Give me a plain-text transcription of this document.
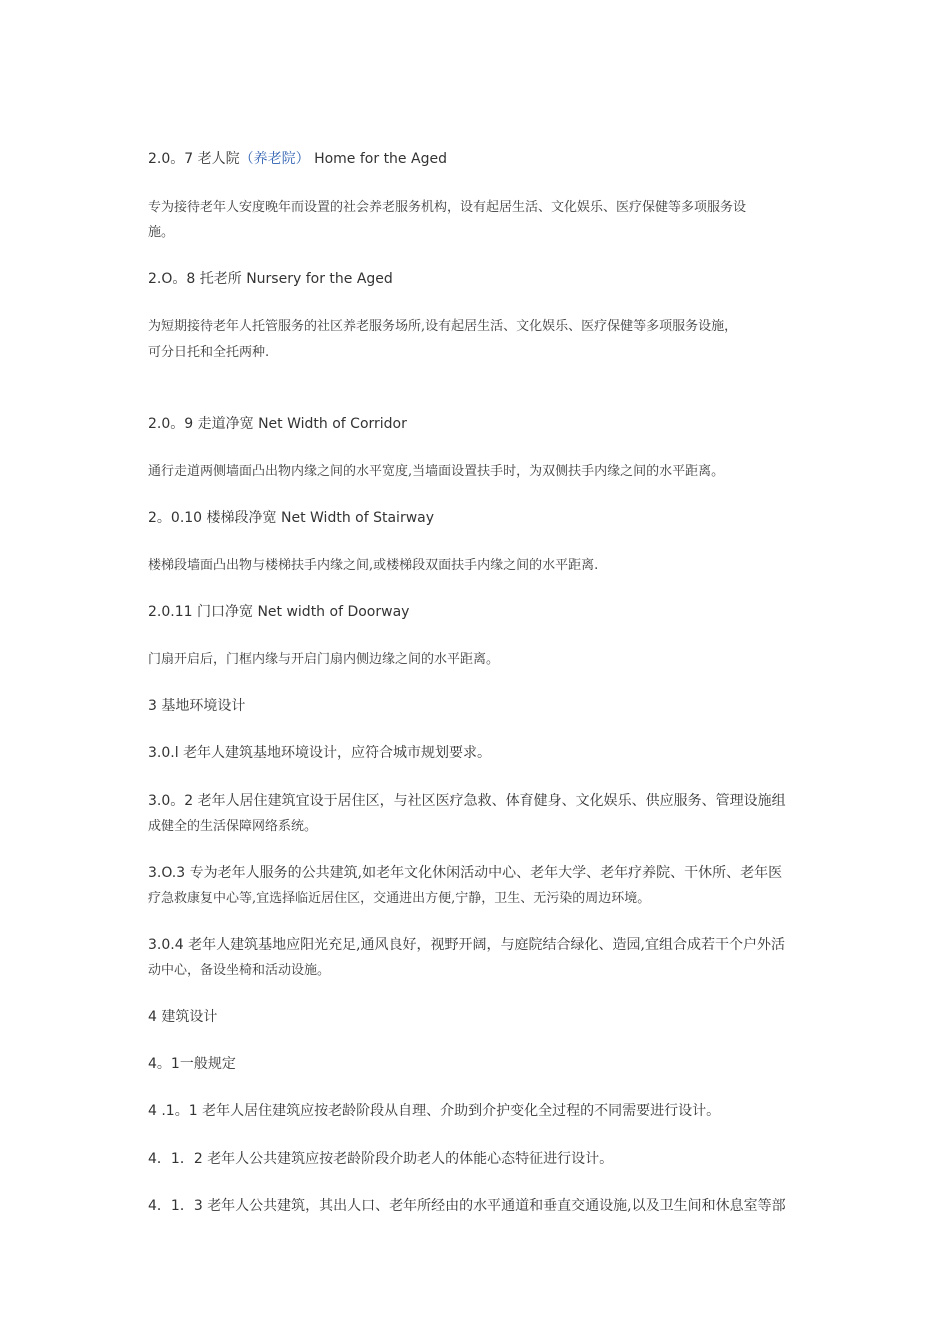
2.0。7 老人院（养老院） Home for the Aged
专为接待老年人安度晚年而设置的社会养老服务机构，设有起居生活、文化娱乐、医疗保健等多项服务设
施。
2.O。8 托老所 Nursery for the Aged
为短期接待老年人托管服务的社区养老服务场所,设有起居生活、文化娱乐、医疗保健等多项服务设施，
可分日托和全托两种.
2.0。9 走道净宽 Net Width of Corridor
通行走道两侧墙面凸出物内缘之间的水平宽度,当墙面设置扶手时，为双侧扶手内缘之间的水平距离。
2。0.10 楼梯段净宽 Net Width of Stairway
楼梯段墙面凸出物与楼梯扶手内缘之间,或楼梯段双面扶手内缘之间的水平距离.
2.0.11 门口净宽 Net width of Doorway
门扇开启后，门框内缘与开启门扇内侧边缘之间的水平距离。
3 基地环境设计
3.0.l 老年人建筑基地环境设计，应符合城市规划要求。
3.0。2 老年人居住建筑宜设于居住区，与社区医疗急救、体育健身、文化娱乐、供应服务、管理设施组
成健全的生活保障网络系统。
3.O.3 专为老年人服务的公共建筑,如老年文化休闲活动中心、老年大学、老年疗养院、干休所、老年医
疗急救康复中心等,宜选择临近居住区，交通进出方便,宁静，卫生、无污染的周边环境。
3.0.4 老年人建筑基地应阳光充足,通风良好，视野开阔，与庭院结合绿化、造园,宜组合成若干个户外活
动中心，备设坐椅和活动设施。
4 建筑设计
4。1一般规定
4 .1。1 老年人居住建筑应按老龄阶段从自理、介助到介护变化全过程的不同需要进行设计。
4．1．2 老年人公共建筑应按老龄阶段介助老人的体能心态特征进行设计。
4．1．3 老年人公共建筑，其出人口、老年所经由的水平通道和垂直交通设施,以及卫生间和休息室等部
